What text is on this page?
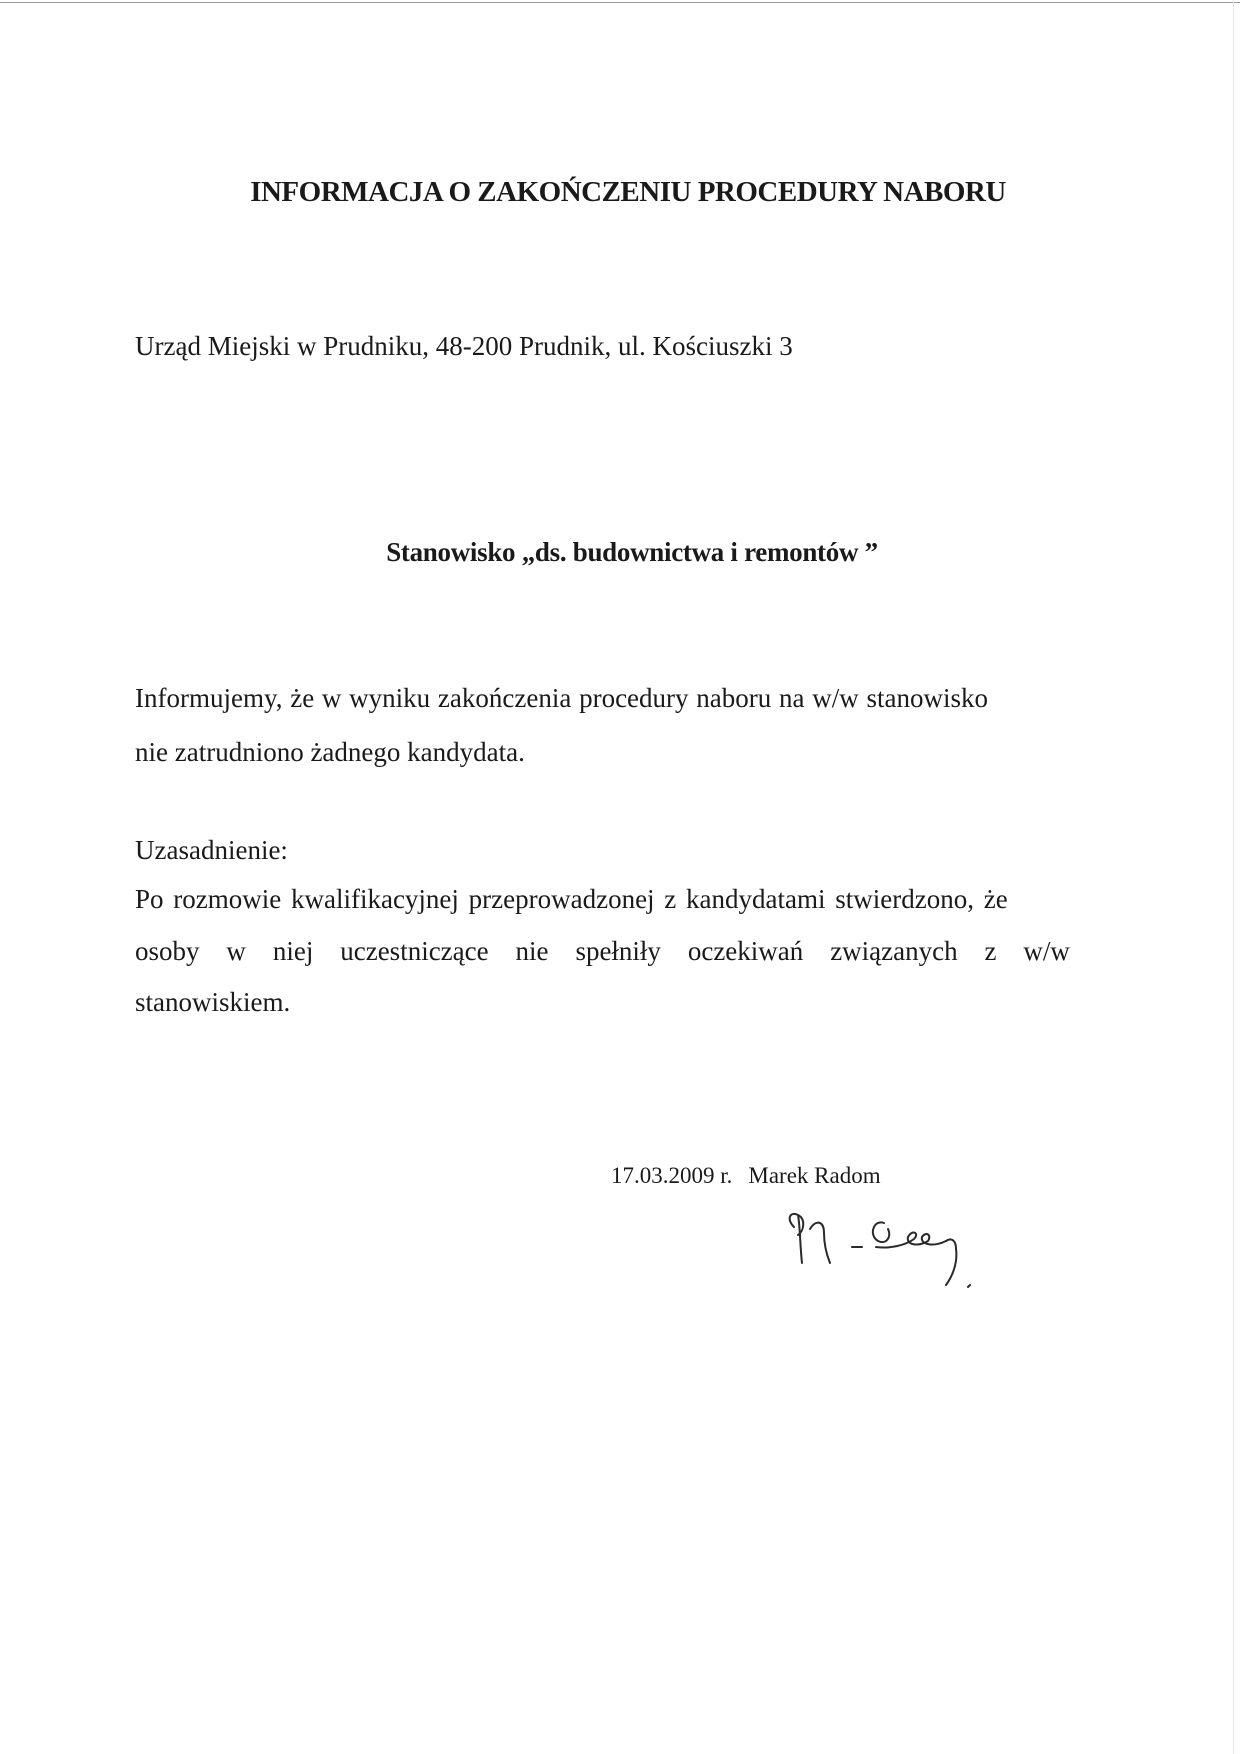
INFORMACJA O ZAKOŃCZENIU PROCEDURY NABORU
Urząd Miejski w Prudniku, 48-200 Prudnik, ul. Kościuszki 3
Stanowisko „ds. budownictwa i remontów ”
Informujemy, że w wyniku zakończenia procedury naboru na w/w stanowisko
nie zatrudniono żadnego kandydata.
Uzasadnienie:
Po rozmowie kwalifikacyjnej przeprowadzonej z kandydatami stwierdzono, że
osoby w niej uczestniczące nie spełniły oczekiwań związanych z w/w
stanowiskiem.
17.03.2009 r. Marek Radom
